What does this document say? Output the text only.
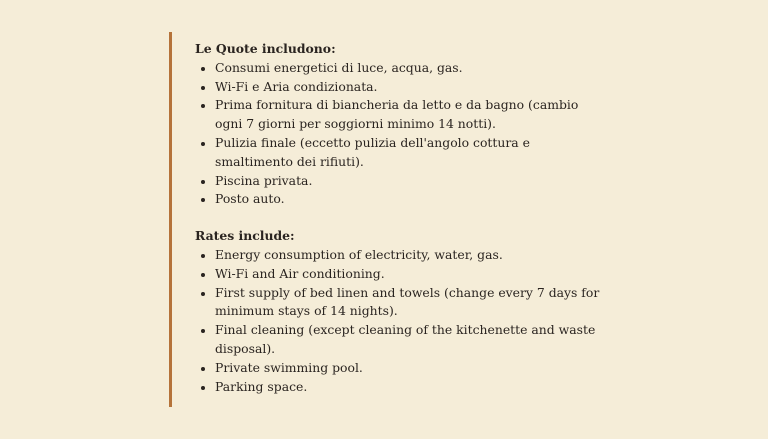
Le Quote includono:

Consumi energetici di luce, acqua, gas.
Wi-Fi e Aria condizionata.
Prima fornitura di biancheria da letto e da bagno (cambio ogni 7 giorni per soggiorni minimo 14 notti).
Pulizia finale (eccetto pulizia dell'angolo cottura e smaltimento dei rifiuti).
Piscina privata.
Posto auto.

Rates include:

Energy consumption of electricity, water, gas.
Wi-Fi and Air conditioning.
First supply of bed linen and towels (change every 7 days for minimum stays of 14 nights).
Final cleaning (except cleaning of the kitchenette and waste disposal).
Private swimming pool.
Parking space.
